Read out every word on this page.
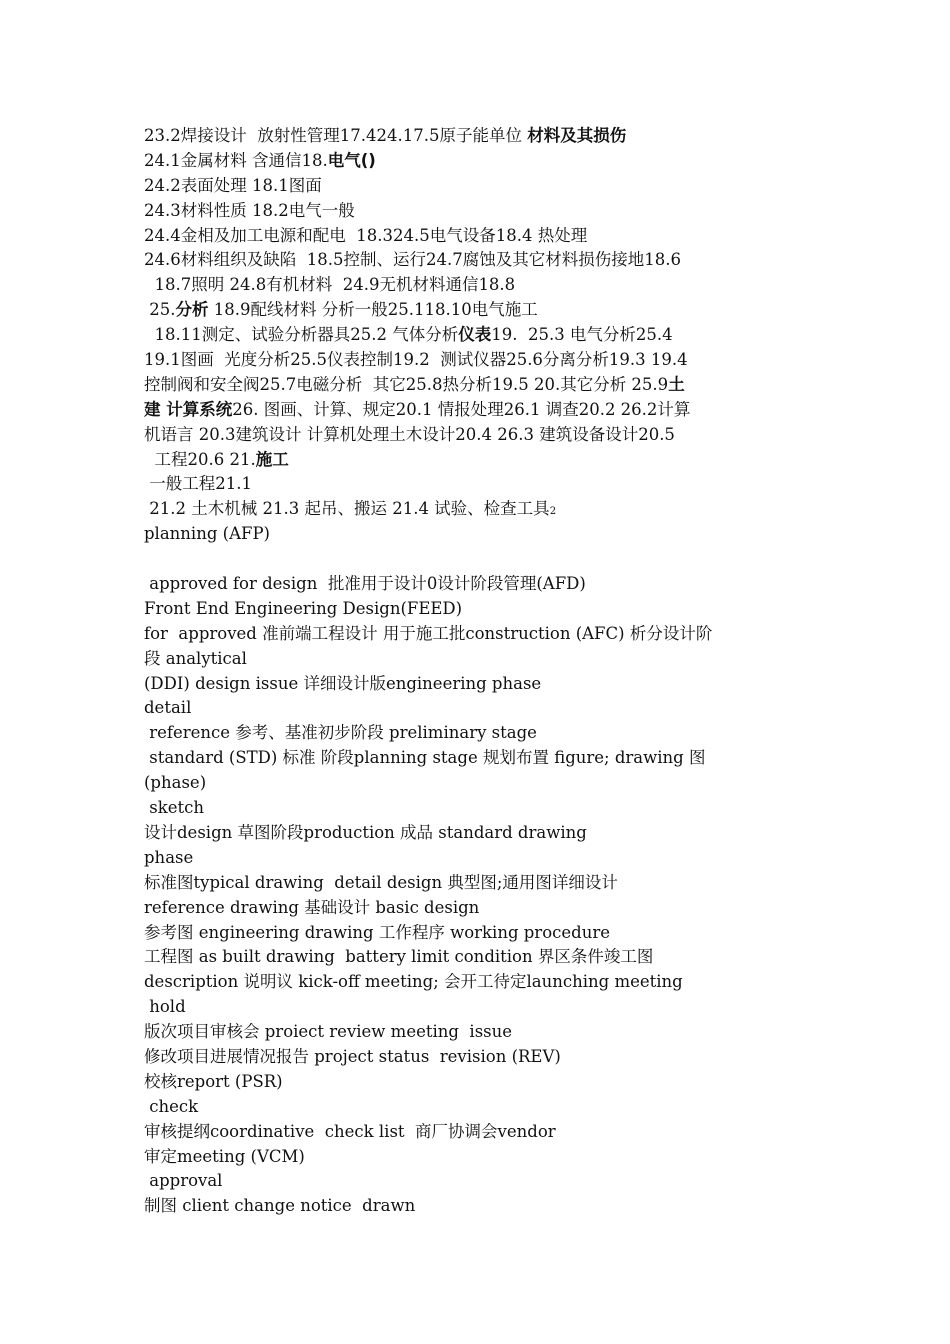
23.2焊接设计  放射性管理17.424.17.5原子能单位 材料及其损伤
24.1金属材料 含通信18.电气()
24.2表面处理 18.1图面
24.3材料性质 18.2电气一般
24.4金相及加工电源和配电  18.324.5电气设备18.4 热处理
24.6材料组织及缺陷  18.5控制、运行24.7腐蚀及其它材料损伤接地18.6
18.7照明 24.8有机材料  24.9无机材料通信18.8
25.分析 18.9配线材料 分析一般25.118.10电气施工
18.11测定、试验分析器具25.2 气体分析仪表19.  25.3 电气分析25.4
19.1图画  光度分析25.5仪表控制19.2  测试仪器25.6分离分析19.3 19.4
控制阀和安全阀25.7电磁分析  其它25.8热分析19.5 20.其它分析 25.9土
建 计算系统26. 图画、计算、规定20.1 情报处理26.1 调查20.2 26.2计算
机语言 20.3建筑设计 计算机处理土木设计20.4 26.3 建筑设备设计20.5
工程20.6 21.施工
一般工程21.1
21.2 土木机械 21.3 起吊、搬运 21.4 试验、检查工具2
planning (AFP)
approved for design  批准用于设计0设计阶段管理(AFD)
Front End Engineering Design(FEED)
for  approved 准前端工程设计 用于施工批construction (AFC) 析分设计阶
段 analytical
(DDI) design issue 详细设计版engineering phase
detail
reference 参考、基准初步阶段 preliminary stage
standard (STD) 标准 阶段planning stage 规划布置 figure; drawing 图
(phase)
sketch
设计design 草图阶段production 成品 standard drawing
phase
标准图typical drawing  detail design 典型图;通用图详细设计
reference drawing 基础设计 basic design
参考图 engineering drawing 工作程序 working procedure
工程图 as built drawing  battery limit condition 界区条件竣工图
description 说明议 kick-off meeting; 会开工待定launching meeting
hold
版次项目审核会 proiect review meeting  issue
修改项目进展情况报告 project status  revision (REV)
校核report (PSR)
check
审核提纲coordinative  check list  商厂协调会vendor
审定meeting (VCM)
approval
制图 client change notice  drawn
